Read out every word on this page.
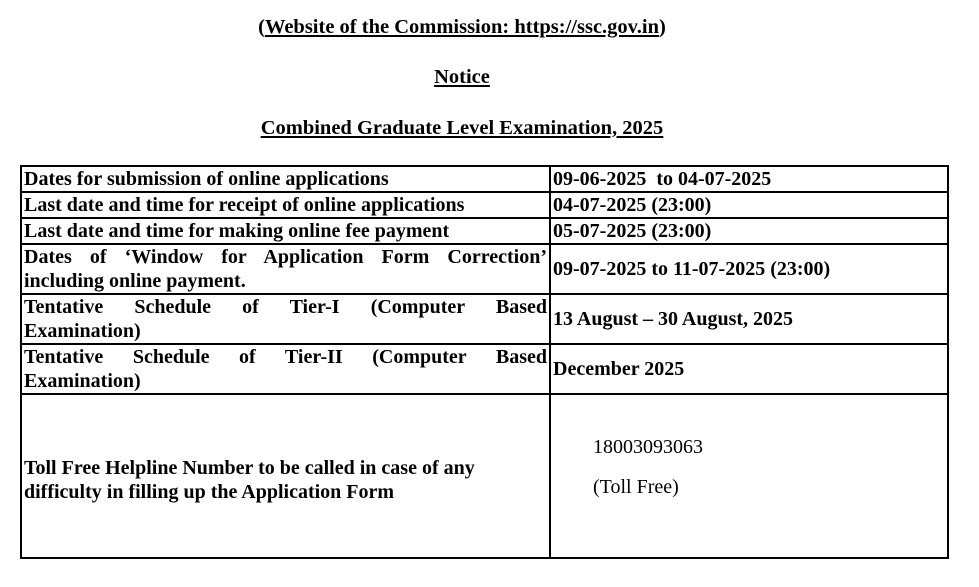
(Website of the Commission: https://ssc.gov.in)
Notice
Combined Graduate Level Examination, 2025
Dates for submission of online applications	09-06-2025  to 04-07-2025
Last date and time for receipt of online applications	04-07-2025 (23:00)
Last date and time for making online fee payment	05-07-2025 (23:00)

Dates of ‘Window for Application Form Correction’
including online payment.	09-07-2025 to 11-07-2025 (23:00)

Tentative Schedule of Tier-I (Computer Based
Examination)	13 August – 30 August, 2025

Tentative Schedule of Tier-II (Computer Based
Examination)	December 2025
Toll Free Helpline Number to be called in case of any difficulty in filling up the Application Form	18003093063
(Toll Free)
